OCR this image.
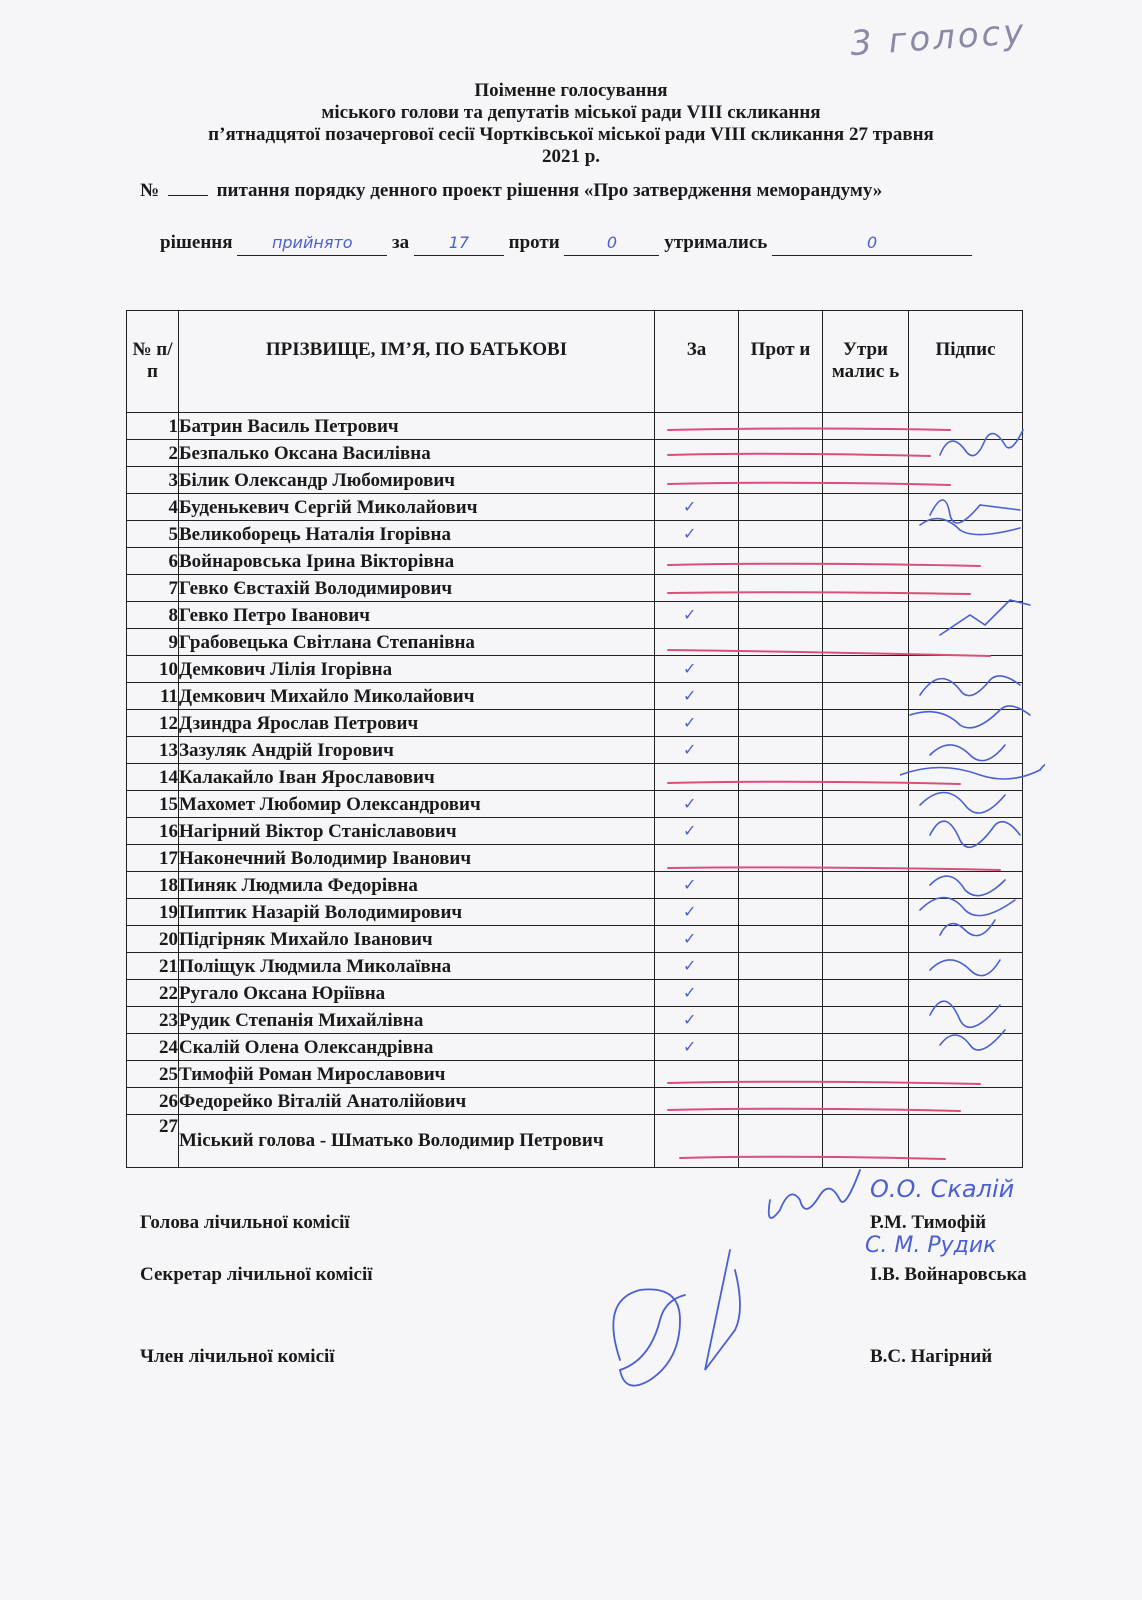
3 голосу
Поіменне голосування
міського голови та депутатів міської ради VIII скликання
п’ятнадцятої позачергової сесії Чортківської міської ради VIII скликання 27 травня
2021 р.
№	питання порядку денного проект рішення «Про затвердження меморандуму»
рішення прийнято за 17 проти	0 утримались	0
№ п/п	ПРІЗВИЩЕ, ІМ’Я, ПО БАТЬКОВІ	За	Прот и	Утри малис ь	Підпис
1	Батрин Василь Петрович				
2	Безпалько Оксана Василівна				
3	Білик Олександр Любомирович				
4	Буденькевич Сергій Миколайович	✓			

5	Великоборець Наталія Ігорівна	✓			

6	Войнаровська Ірина Вікторівна				
7	Гевко Євстахій Володимирович				
8	Гевко Петро Іванович	✓			

9	Грабовецька Світлана Степанівна				
10	Демкович Лілія Ігорівна	✓			

11	Демкович Михайло Миколайович	✓			

12	Дзиндра Ярослав Петрович	✓			

13	Зазуляк Андрій Ігорович	✓			

14	Калакайло Іван Ярославович				
15	Махомет Любомир Олександрович	✓			

16	Нагірний Віктор Станіславович	✓			

17	Наконечний Володимир Іванович				
18	Пиняк Людмила Федорівна	✓			

19	Пиптик Назарій Володимирович	✓			

20	Підгірняк Михайло Іванович	✓			

21	Поліщук Людмила Миколаївна	✓			

22	Ругало Оксана Юріївна	✓			

23	Рудик Степанія Михайлівна	✓			

24	Скалій Олена Олександрівна	✓			

25	Тимофій Роман Мирославович				
26	Федорейко Віталій Анатолійович				
27	Міський голова - Шматько Володимир Петрович				
Голова лічильної комісії	Р.М. Тимофій
Секретар лічильної комісії	І.В. Войнаровська
Член лічильної комісії	В.С. Нагірний
О.О. Скалій
С. М. Рудик
